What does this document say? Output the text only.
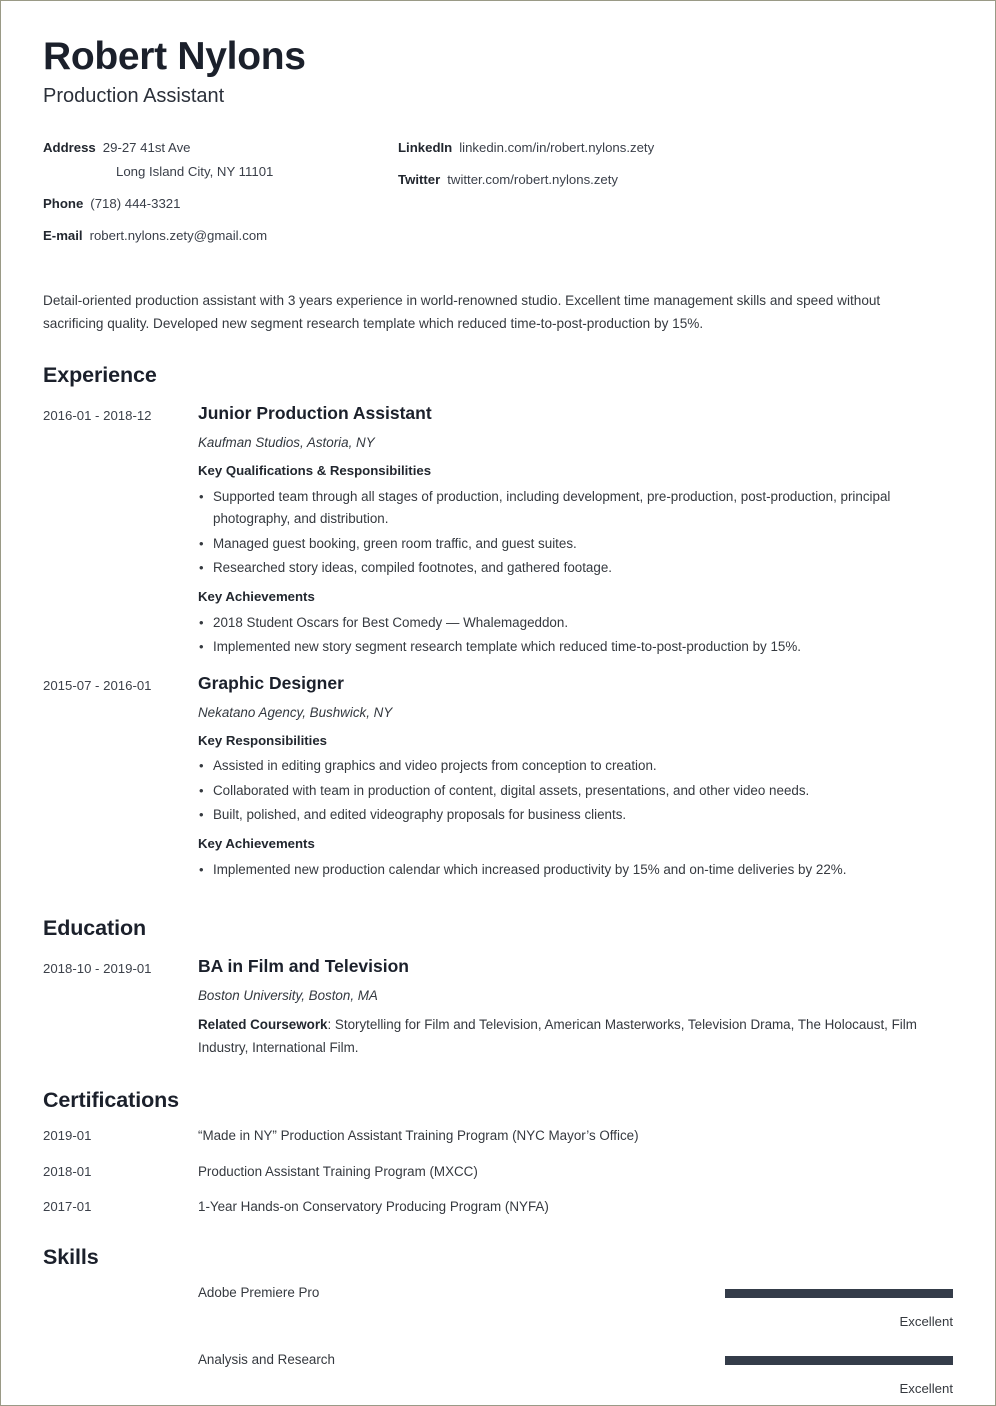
Robert Nylons
Production Assistant
Address 29-27 41st Ave
Long Island City, NY 11101
Phone (718) 444-3321
E-mail robert.nylons.zety@gmail.com
LinkedIn linkedin.com/in/robert.nylons.zety
Twitter twitter.com/robert.nylons.zety

Detail-oriented production assistant with 3 years experience in world-renowned studio. Excellent time management skills and speed without sacrificing quality. Developed new segment research template which reduced time-to-post-production by 15%.

Experience
2016-01 - 2018-12	Junior Production Assistant
Kaufman Studios, Astoria, NY
Key Qualifications & Responsibilities
• Supported team through all stages of production, including development, pre-production, post-production, principal photography, and distribution.
• Managed guest booking, green room traffic, and guest suites.
• Researched story ideas, compiled footnotes, and gathered footage.
Key Achievements
• 2018 Student Oscars for Best Comedy — Whalemageddon.
• Implemented new story segment research template which reduced time-to-post-production by 15%.
2015-07 - 2016-01	Graphic Designer
Nekatano Agency, Bushwick, NY
Key Responsibilities
• Assisted in editing graphics and video projects from conception to creation.
• Collaborated with team in production of content, digital assets, presentations, and other video needs.
• Built, polished, and edited videography proposals for business clients.
Key Achievements
• Implemented new production calendar which increased productivity by 15% and on-time deliveries by 22%.
Education
2018-10 - 2019-01	BA in Film and Television
Boston University, Boston, MA

Related Coursework: Storytelling for Film and Television, American Masterworks, Television Drama, The Holocaust, Film Industry, International Film.

Certifications
2019-01	“Made in NY” Production Assistant Training Program (NYC Mayor’s Office)
2018-01	Production Assistant Training Program (MXCC)
2017-01	1-Year Hands-on Conservatory Producing Program (NYFA)
Skills
Adobe Premiere Pro
Excellent
Analysis and Research
Excellent
